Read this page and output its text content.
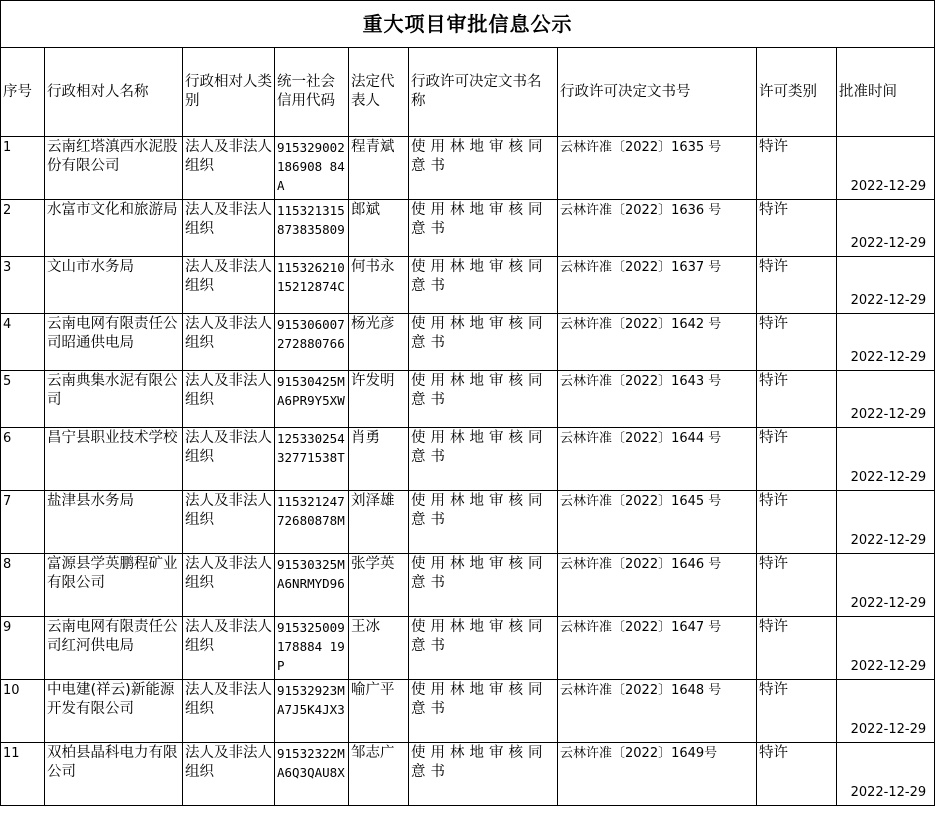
重大项目审批信息公示								
序号	行政相对人名称	行政相对人类别	统一社会信用代码	法定代表人	行政许可决定文书名称	行政许可决定文书号	许可类别	批准时间
1	云南红塔滇西水泥股份有限公司	法人及非法人组织	915329002186908 84A	程青斌	使用林地审核同意书	云林许准〔2022〕1635 号	特许	2022-12-29
2	水富市文化和旅游局	法人及非法人组织	115321315873835809	郎斌	使用林地审核同意书	云林许准〔2022〕1636 号	特许	2022-12-29
3	文山市水务局	法人及非法人组织	11532621015212874C	何书永	使用林地审核同意书	云林许准〔2022〕1637 号	特许	2022-12-29
4	云南电网有限责任公司昭通供电局	法人及非法人组织	915306007272880766	杨光彦	使用林地审核同意书	云林许准〔2022〕1642 号	特许	2022-12-29
5	云南典集水泥有限公司	法人及非法人组织	91530425MA6PR9Y5XW	许发明	使用林地审核同意书	云林许准〔2022〕1643 号	特许	2022-12-29
6	昌宁县职业技术学校	法人及非法人组织	12533025432771538T	肖勇	使用林地审核同意书	云林许准〔2022〕1644 号	特许	2022-12-29
7	盐津县水务局	法人及非法人组织	11532124772680878M	刘泽雄	使用林地审核同意书	云林许准〔2022〕1645 号	特许	2022-12-29
8	富源县学英鹏程矿业有限公司	法人及非法人组织	91530325MA6NRMYD96	张学英	使用林地审核同意书	云林许准〔2022〕1646 号	特许	2022-12-29
9	云南电网有限责任公司红河供电局	法人及非法人组织	915325009178884 19P	王冰	使用林地审核同意书	云林许准〔2022〕1647 号	特许	2022-12-29
10	中电建(祥云)新能源开发有限公司	法人及非法人组织	91532923MA7J5K4JX3	喻广平	使用林地审核同意书	云林许准〔2022〕1648 号	特许	2022-12-29
11	双柏县晶科电力有限公司	法人及非法人组织	91532322MA6Q3QAU8X	邹志广	使用林地审核同意书	云林许准〔2022〕1649号	特许	2022-12-29
